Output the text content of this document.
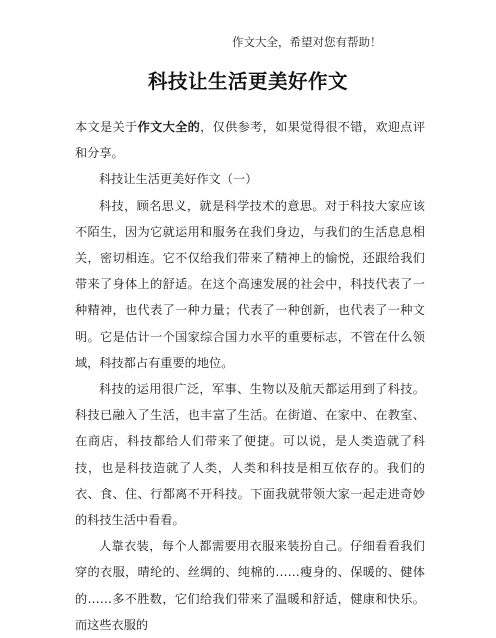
作文大全，希望对您有帮助！
科技让生活更美好作文

本文是关于作文大全的，仅供参考，如果觉得很不错，欢迎点评和分享。

科技让生活更美好作文（一）

科技，顾名思义，就是科学技术的意思。对于科技大家应该不陌生，因为它就运用和服务在我们身边，与我们的生活息息相关，密切相连。它不仅给我们带来了精神上的愉悦，还跟给我们带来了身体上的舒适。在这个高速发展的社会中，科技代表了一种精神，也代表了一种力量；代表了一种创新，也代表了一种文明。它是估计一个国家综合国力水平的重要标志，不管在什么领域，科技都占有重要的地位。

科技的运用很广泛，军事、生物以及航天都运用到了科技。科技已融入了生活，也丰富了生活。在街道、在家中、在教室、在商店，科技都给人们带来了便捷。可以说，是人类造就了科技，也是科技造就了人类，人类和科技是相互依存的。我们的衣、食、住、行都离不开科技。下面我就带领大家一起走进奇妙的科技生活中看看。

人靠衣装，每个人都需要用衣服来装扮自己。仔细看看我们穿的衣服，晴纶的、丝绸的、纯棉的……瘦身的、保暖的、健体的……多不胜数，它们给我们带来了温暖和舒适，健康和快乐。而这些衣服的
